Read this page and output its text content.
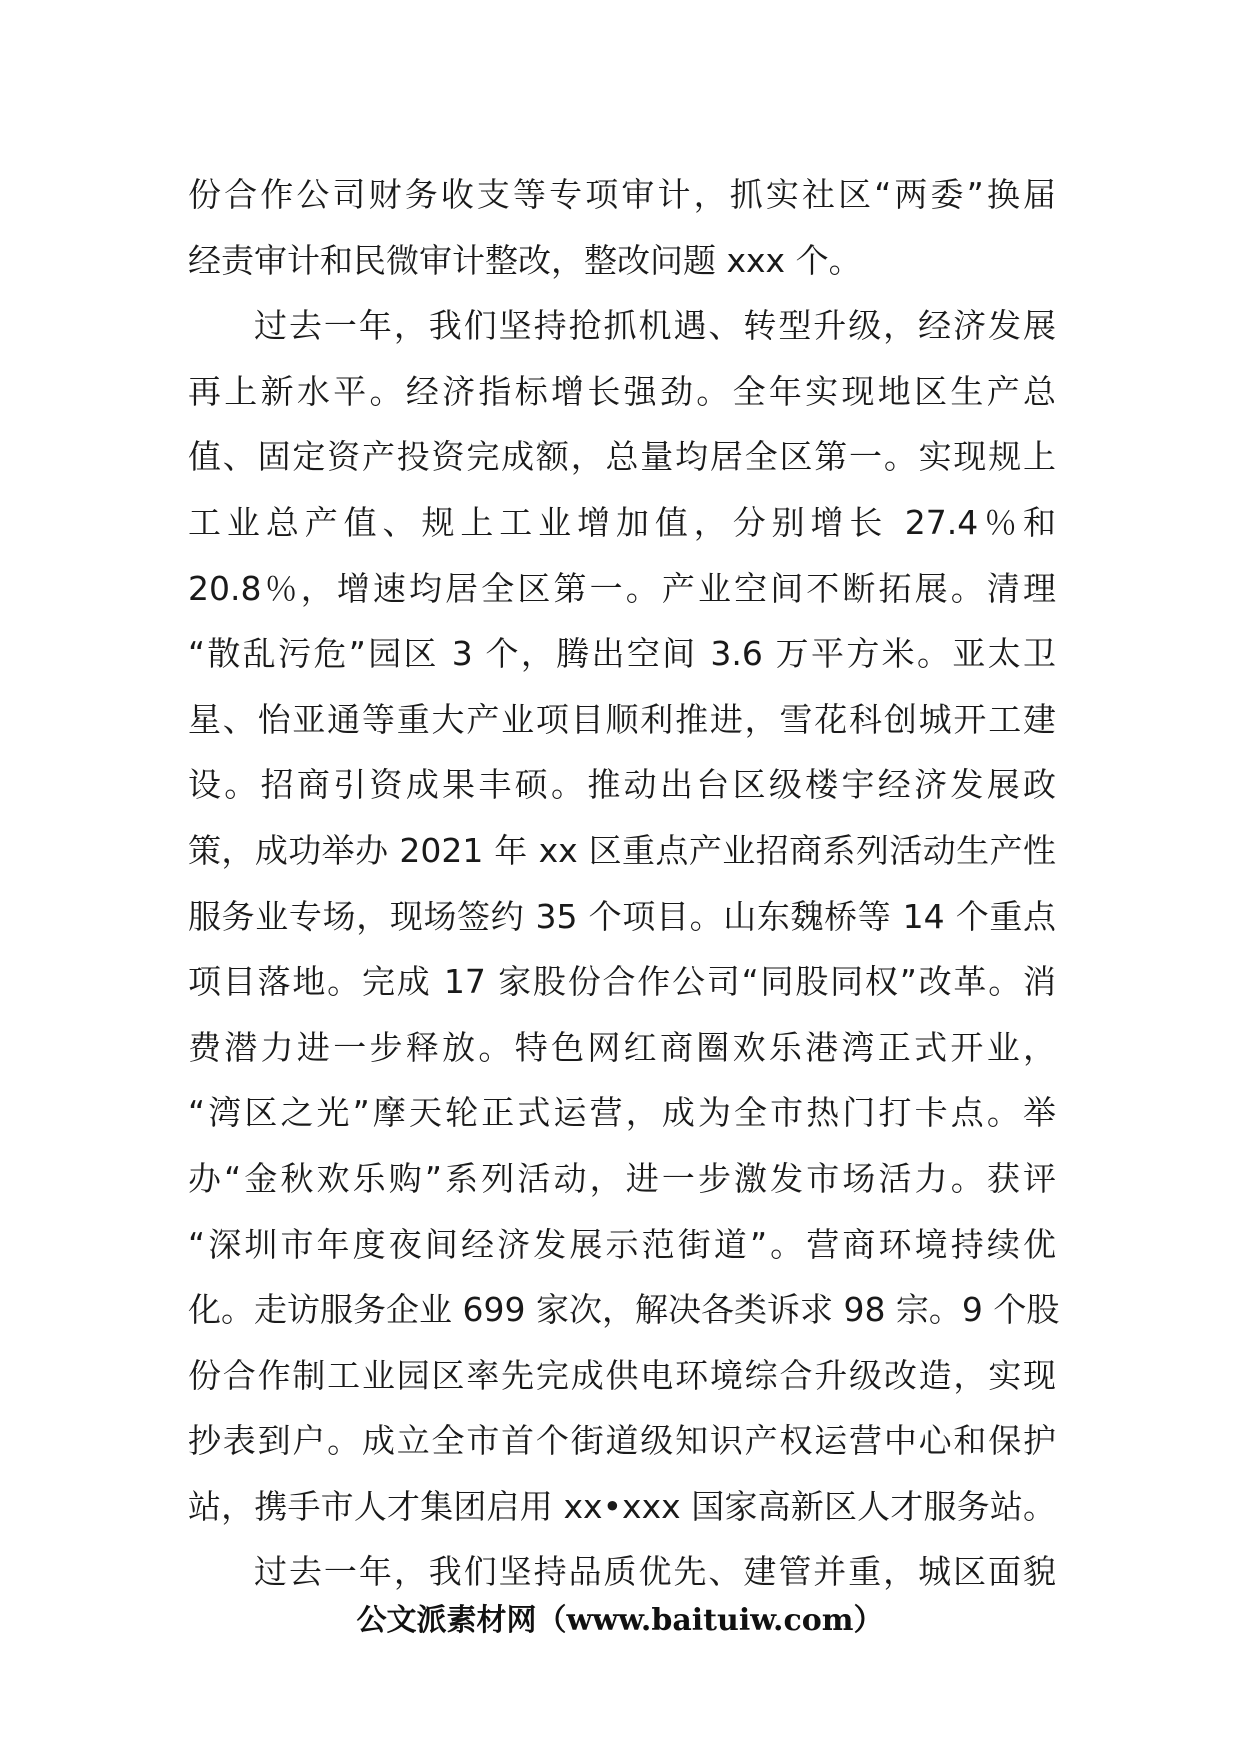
份合作公司财务收支等专项审计，抓实社区“两委”换届
经责审计和民微审计整改，整改问题 xxx 个。
过去一年，我们坚持抢抓机遇、转型升级，经济发展
再上新水平。经济指标增长强劲。全年实现地区生产总
值、固定资产投资完成额，总量均居全区第一。实现规上
工业总产值、规上工业增加值，分别增长 27.4％和
20.8％，增速均居全区第一。产业空间不断拓展。清理
“散乱污危”园区 3 个，腾出空间 3.6 万平方米。亚太卫
星、怡亚通等重大产业项目顺利推进，雪花科创城开工建
设。招商引资成果丰硕。推动出台区级楼宇经济发展政
策，成功举办 2021 年 xx 区重点产业招商系列活动生产性
服务业专场，现场签约 35 个项目。山东魏桥等 14 个重点
项目落地。完成 17 家股份合作公司“同股同权”改革。消
费潜力进一步释放。特色网红商圈欢乐港湾正式开业，
“湾区之光”摩天轮正式运营，成为全市热门打卡点。举
办“金秋欢乐购”系列活动，进一步激发市场活力。获评
“深圳市年度夜间经济发展示范街道”。营商环境持续优
化。走访服务企业 699 家次，解决各类诉求 98 宗。9 个股
份合作制工业园区率先完成供电环境综合升级改造，实现
抄表到户。成立全市首个街道级知识产权运营中心和保护
站，携手市人才集团启用 xx•xxx 国家高新区人才服务站。
过去一年，我们坚持品质优先、建管并重，城区面貌
公文派素材网（www.baituiw.com）
